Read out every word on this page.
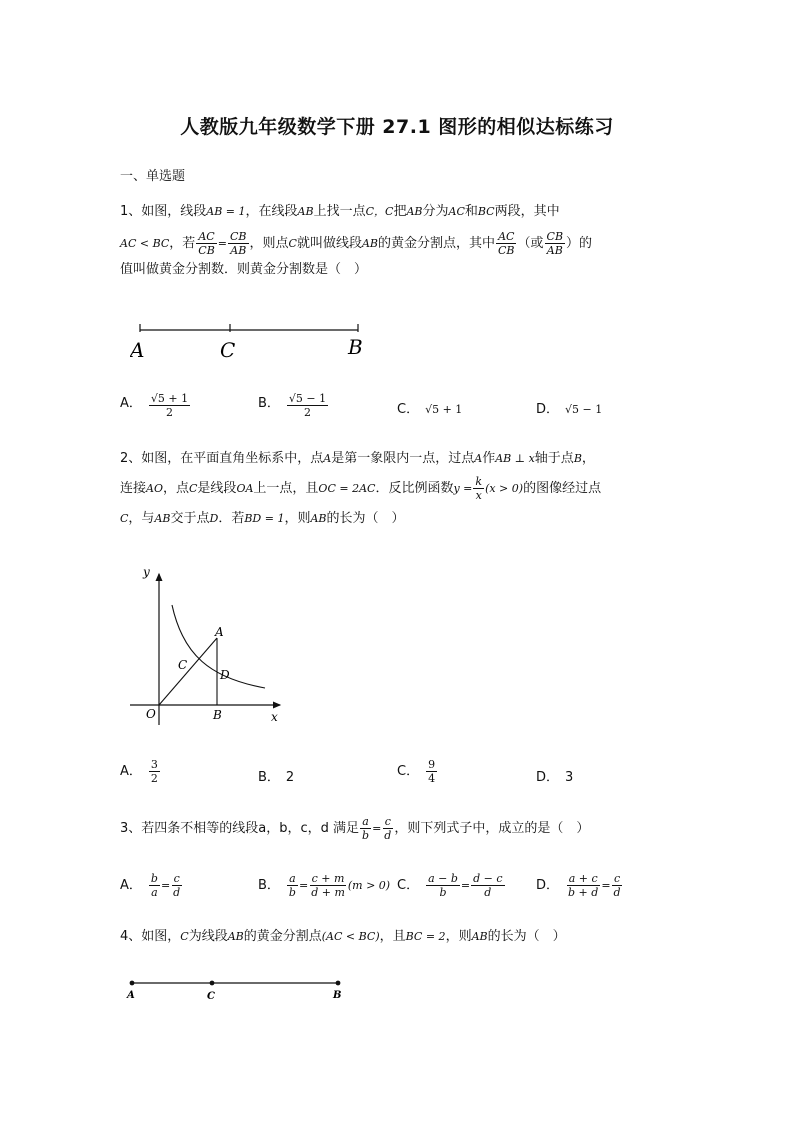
人教版九年级数学下册 27.1 图形的相似达标练习
一、单选题
1、如图，线段AB = 1，在线段AB上找一点C，C把AB分为AC和BC两段，其中
AC < BC，若 $\frac{AC}{CB} = \frac{CB}{AB}$ ，则点C就叫做线段AB的黄金分割点，其中 $\frac{AC}{CB}$ （或 $\frac{CB}{AB}$ ）的
值叫做黄金分割数．则黄金分割数是（　）
A	C	B
A． $\frac{√5 + 1}{2}$	B． $\frac{√5 - 1}{2}$	C． √5 + 1	D． √5 − 1
2、如图，在平面直角坐标系中，点A是第一象限内一点，过点A作AB ⊥ x轴于点B，
连接AO，点C是线段OA上一点，且OC = 2AC．反比例函数$y = \frac{k}{x} (x > 0)$的图像经过点
C，与AB交于点D．若BD = 1，则AB的长为（　）
y
x
O
A
B
C
D
A． $\frac{3}{2}$	B． 2	C． $\frac{9}{4}$	D． 3
3、若四条不相等的线段a，b，c，d 满足 $\frac{a}{b} = \frac{c}{d}$ ，则下列式子中，成立的是（　）
A． $\frac{b}{a} = \frac{c}{d}$	B． $\frac{a}{b} = \frac{c + m}{d + m} (m > 0)$ C． $\frac{a - b}{b} = \frac{d - c}{d}$ D． $\frac{a + c}{b + d} = \frac{c}{d}$
4、如图，C为线段AB的黄金分割点(AC < BC)，且BC = 2，则AB的长为（　）
A	C	B
